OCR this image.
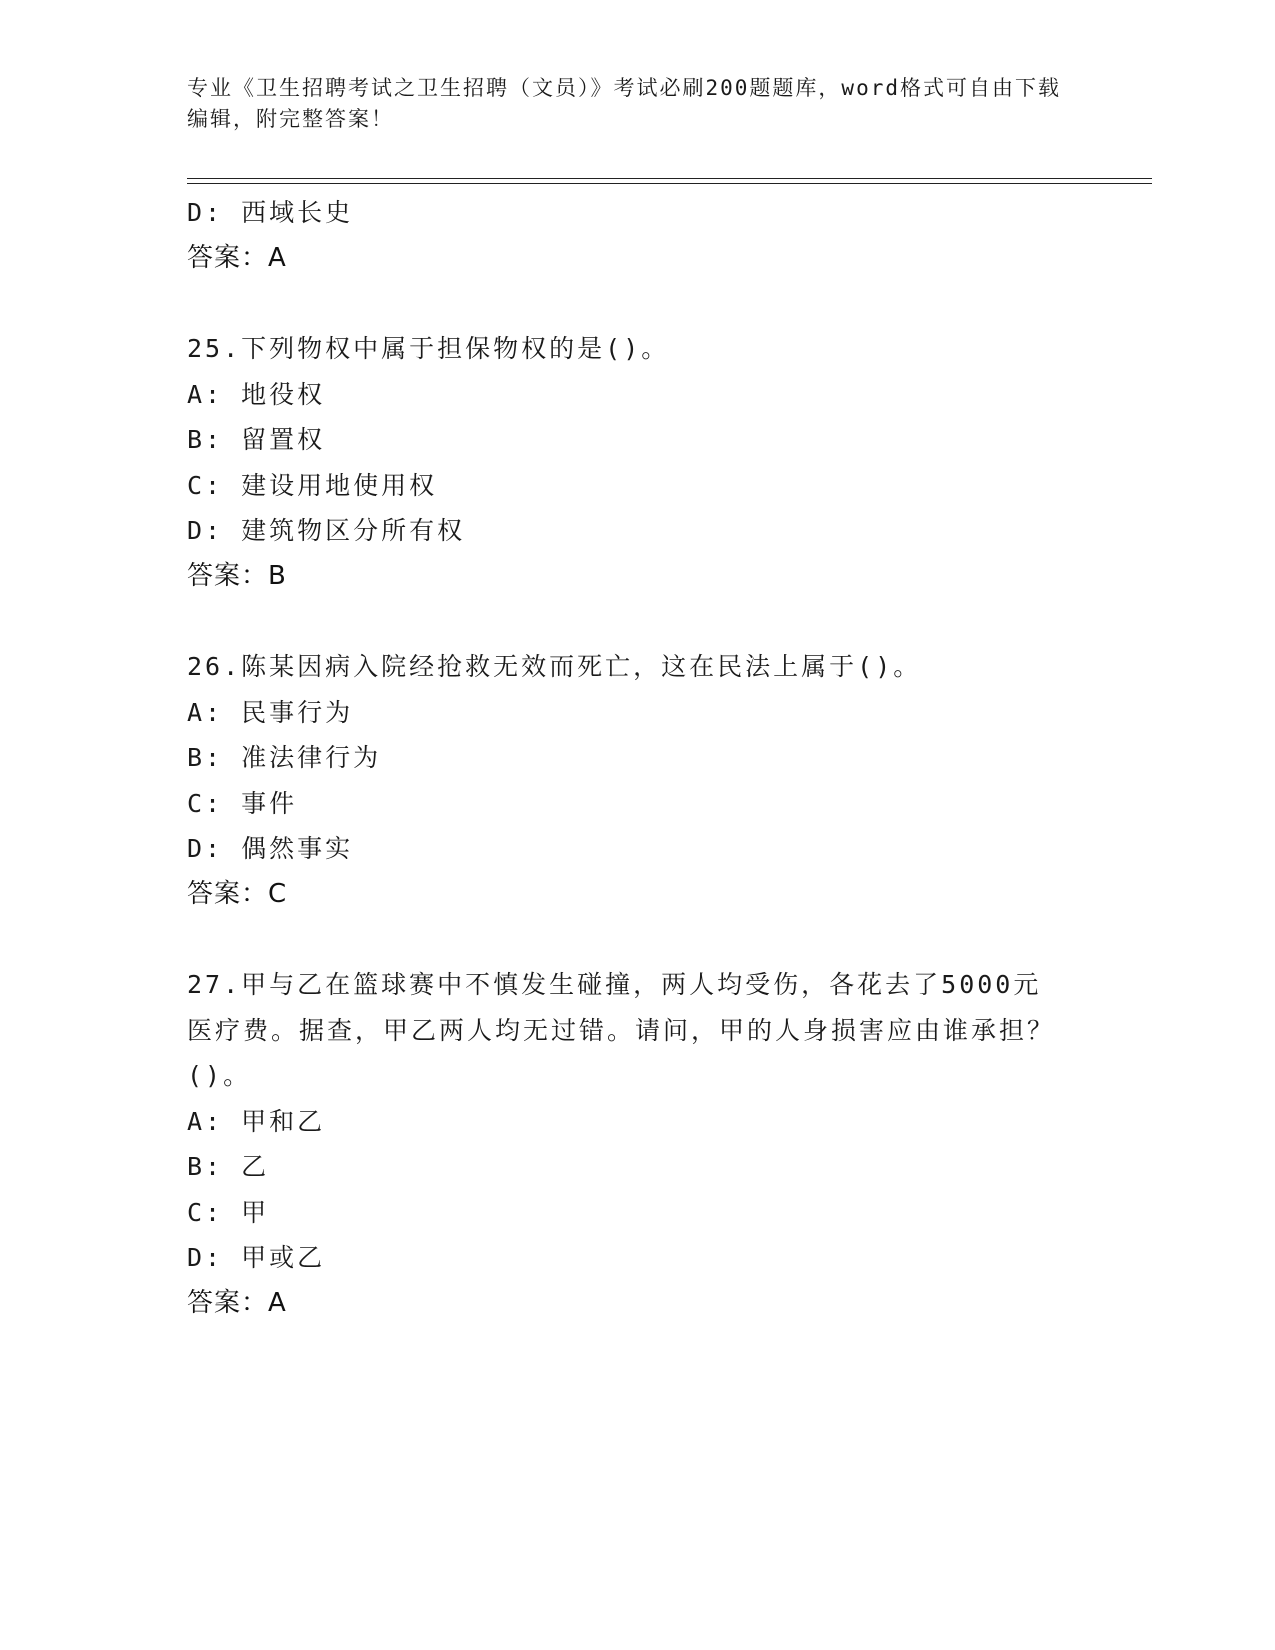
专业《卫生招聘考试之卫生招聘（文员）》考试必刷200题题库，word格式可自由下载编辑，附完整答案！
D: 西域长史
答案：A
25.下列物权中属于担保物权的是()。
A: 地役权
B: 留置权
C: 建设用地使用权
D: 建筑物区分所有权
答案：B
26.陈某因病入院经抢救无效而死亡，这在民法上属于()。
A: 民事行为
B: 准法律行为
C: 事件
D: 偶然事实
答案：C
27.甲与乙在篮球赛中不慎发生碰撞，两人均受伤，各花去了5000元医疗费。据查，甲乙两人均无过错。请问，甲的人身损害应由谁承担？()。
A: 甲和乙
B: 乙
C: 甲
D: 甲或乙
答案：A
